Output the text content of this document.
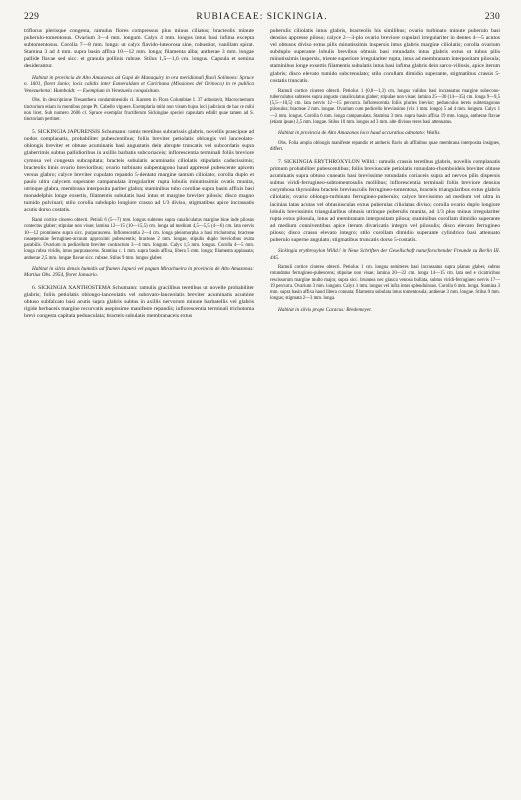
229	RUBIACEAE: SICKINGIA.	230

triflorus plerisque congesta, ramulus flores compressus plus minus ciliatus; bracteolis minute puberulo-tomentosus. Ovarium 3—4 mm. longum. Calyx 4 mm. longus intus basi infima excepta subtomentosus. Corolla 7—8 mm. longa: ut calyx flavido-luteorosa sine, robustior, vanillam spirat. Stamina 3 ad 4 mm. supra basin affixa 10—12 mm. longa; filamenta alba; antherae 3 mm. longae pallide flavae sed sicc. et granula pollinis rubrae. Stilus 1,5—1,6 cm. longus. Capsula et semina desiderantur.

Habitat in provincia de Alto Amazonas ad Gapó de Manaquiry in ora meridionali fluvii Solimoes: Spruce n. 1601, floret Junio; locis calidis inter Esmeraldam et Carichana (Missiones del Orinoco) in re publica Venezuelensi: Humboldt. — Exemplum in Venezuela conquisitum.

Obs. In descriptione Tresanthera condamineoidis cl. Karsten in Flora Columbiae I. 37 adnotavit, Macrocnemum tinctorium etiam in montibus prope Pt. Cabello viguere. Exemplaria mihi non visum hujus loci judicium de hac re mihi non licet. Sub numero 2606 cl. Spruce exemplar fructiferum Sickingiae speciei capsulam edidit quae tamen ad S. tinctoriam pertinet.

5. SICKINGIA JAPURENSIS Schumann: ramis teretibus subrarissis glabris, novellis praecipue ad nodos complanatis, probabiliter pubescentibus; foliis breviter petiolatis oblongis vel lanceolato-oblongis breviter et obtuse acuminatis basi angustatis dein abrupte truncatis vel subcordatis supra glaberrimis subtus pallidioribus in axillis barbatis subcoriaceis; inflorescentia terminali foliis breviore cymosa vel congesta subcapitata; bracteis subulatis acuminatis ciliolatis stipulatis caducissimis; bracteolis binis ovario brevioribus; ovario turbinato subpentagono haud appressé pubescente apicem versus glabro; calyce breviter cupulato repando 5-dentato margine tantum ciliolato; corolla duplo et paulo ultra calycem superante campanulata irregulariter rupta lobulis minutissimis ovatis munita, utrinque glabra, membrana interposita pariter glabra; staminibus tubo corollae supra basin affixis basi monadelphis longe exsertis, filamentis subulatis basi intus et margine breviter pilosis; disco magno tumido pulvinari; stilo corolla subduplo longiore crasso ad 1/3 diviso, stigmatibus apice incrassatis acutis dorso costatis.

Rami cortice cinereo obtecti. Petioli 6 (5—7) mm. longus subteres supra canaliculatus margine bine inde pilosus contectus glaber; stipulae non visae; lamina 12—15 (10—15,5) cm. longa ad medium 4,5—5,5 (4—6) cm. lata nervis 10—12 prominens supra sicc. purpurascens. Inflorescentia 2—4 cm. longa pleiomorpha a basi trichotoma; bracteae rasaepenniae ferrugineo-arcuum approximi pubescentis; bracteae 2 mm. longae, stipulis duplo breviorbus ovata parabilis. Ovarium in pedicellum breviter contractum 3—4 mm. longum. Calyx 1,5 mm. longus. Corolla 4—5 mm. longa rubra viridis, intus purpurascens. Stamina c. 1 mm. supra basin affixa, libera 5 mm. longa; filamenta applanata; antherae 2,5 mm. longae flavae sicc. rubrae. Stilus 9 mm. longus glaber.

Habitat in silvis densis humidis ad flumen Japurá vel pagum Mirachaeira in provincia de Alto Amazonas: Martius Obs. 2954, floret Januario.

6. SICKINGIA XANTHOSTEMA Schumann: ramulis gracilibus teretibus ut novelle probabiliter glabris; foliis petiolatis oblongo-lanceolatis vel subovato-lanceolatis breviter acuminatis acumine obtuso subfalcato basi acutis supra glabris subtus in axillis nervorum minute barbatellis vel glabris rigide herbaceis margine recurvatis asepissime manifeste repandis; inflorescentia terminali trichotoma brevi congesta capitata pedunculata; bracteis subulatis membranaceis extus

puberulis ciliolatis intus glabris, bracteolis his similibus; ovario turbinato minute puberulo basi densius appresse piloso; calyce 2—3-plo ovario breviore cupulari irregulariter in dentes 4—5 acutos vel obtusos diviso extus pilis minutissimis inspersis intus glabris margine ciliolatis; corolla ovarium subduplo superante lobulis brevibus obtusis basi rotundatis intus glabris extus ut tubus pilis minutissimis inspersis, triente superiore irregulariter rupta, intus ad membranam interpositam pilosula; staminibus longe exsertis filamentis subulatis intus basi infima glabris dein sarco-villosis, apice iterum glabris; disco elevato tumido subcrenulato; stilo corollam dimidio superante, stigmatibus crassis 5-costatis truncatis.

Ramuli cortice cinereo obtecti. Petiolus 1 (0,8—1,3) cm. longus validus basi incrassatus margine subecono-tuberculatus subteres supra angusto canaliculatus glaber; stipulae non visae; lamina 25—30 (14—35) cm. longa 9—9,5 (5,5—10,5) cm. lata nervis 12—15 percurra. Inflorescentia foliis pluries brevior; pedunculus tereis subtetragonus pilosulus; bracteae 2 mm. longae. Ovarium cum pedicello breviusimo (vix 1 mm. longo) 5 ad 4 mm. longum. Calyx 1—2 mm. longus. Corolla 6 mm. longa campanulata. Stamina 3 mm. supra basin affixa 19 mm. longa, antherae flavae (etiam ipsae) 2,5 mm. longae. Stilus 10 mm. longus ad 3 mm. alte divisus teres basi attenuatus.

Habitat in provincia de Alto Amazonas loco haud accuratius adnotato: Wallis.

Obs. Folia ampla oblongis manifeste repandis et antheris flavis ab affinibus quae membrana interposita insignes, differt.

7. SICKINGIA ERYTHROXYLON Willd.: ramulis crassis teretibus glabris, novellis complanatis primum probabiliter pubescentibus; foliis breviuscule petiolatis rotundato-rhomboideis breviter obtuse acuminatis supra obtuso cuneatis basi brevissime rotundatis coriaceis supra ad nervos pilis dispersis subtus viridi-ferrugineo-subtomentosulis mollibus; inflorescentia terminali foliis breviore densius corymbosa thyrsoidea bracteis breviusculis ferrugineo-tomentosa, bracteis triangularibus extus glabris ciliolatis; ovario oblongo-turbinato ferrugineo-puberulo; calyce brevissimo ad medium vel ultra in lacinias latas acutas vel obtusiusculas extus puberulas ciliolatas diviso; corolla ovario duplo longiore lobulis brevissimis triangularibus obtusis utrinque puberulis munita, ad 1/3 plus minus irregulariter rupta extus pilosula, intus ad membranam interpositam pilosa; staminibus corollam dimidio superante ad medium conniventibus apice iterum divaricatis integro vel pilosulis; disco elevato ferrugineo piloso; disco crasso elevato integro; stilo corollam dimidio superante cylindrico basi attenuato puberulo superne angulato; stigmatibus truncatis dorso 5-costatis.

Sickingia erythroxylon Willd.! in Neue Schriften der Gesellschaft naturforschender Freunde zu Berlin III. 445.

Ramuli cortice cinereo obtecti. Petiolus 1 cm. longus semiteres basi incrassatus supra planus glaber, subtus rotundatus ferrugineo-pubescens; stipulae non visae; lamina 20—22 cm. longa 14—15 cm. lata sed e cicatricibus rescissorum margine multo major, supra sicc. brunnea nec glauca venosa bullata, subtus viridi-ferrugineo nervis 17—19 percurra. Ovarium 3 mm. longum. Calyx 1 mm. longus vel infra intus splendulosus. Corolla 6 mm. longa. Stamina 3 mm. supra basin affixa haud libera connata; filamenta subulata intus tomentosula; antherae 3 mm. longae. Stilus 9 mm. longus; stigmata 2—3 mm. longa.

Habitat in silvis prope Caracas: Bredemeyer.
